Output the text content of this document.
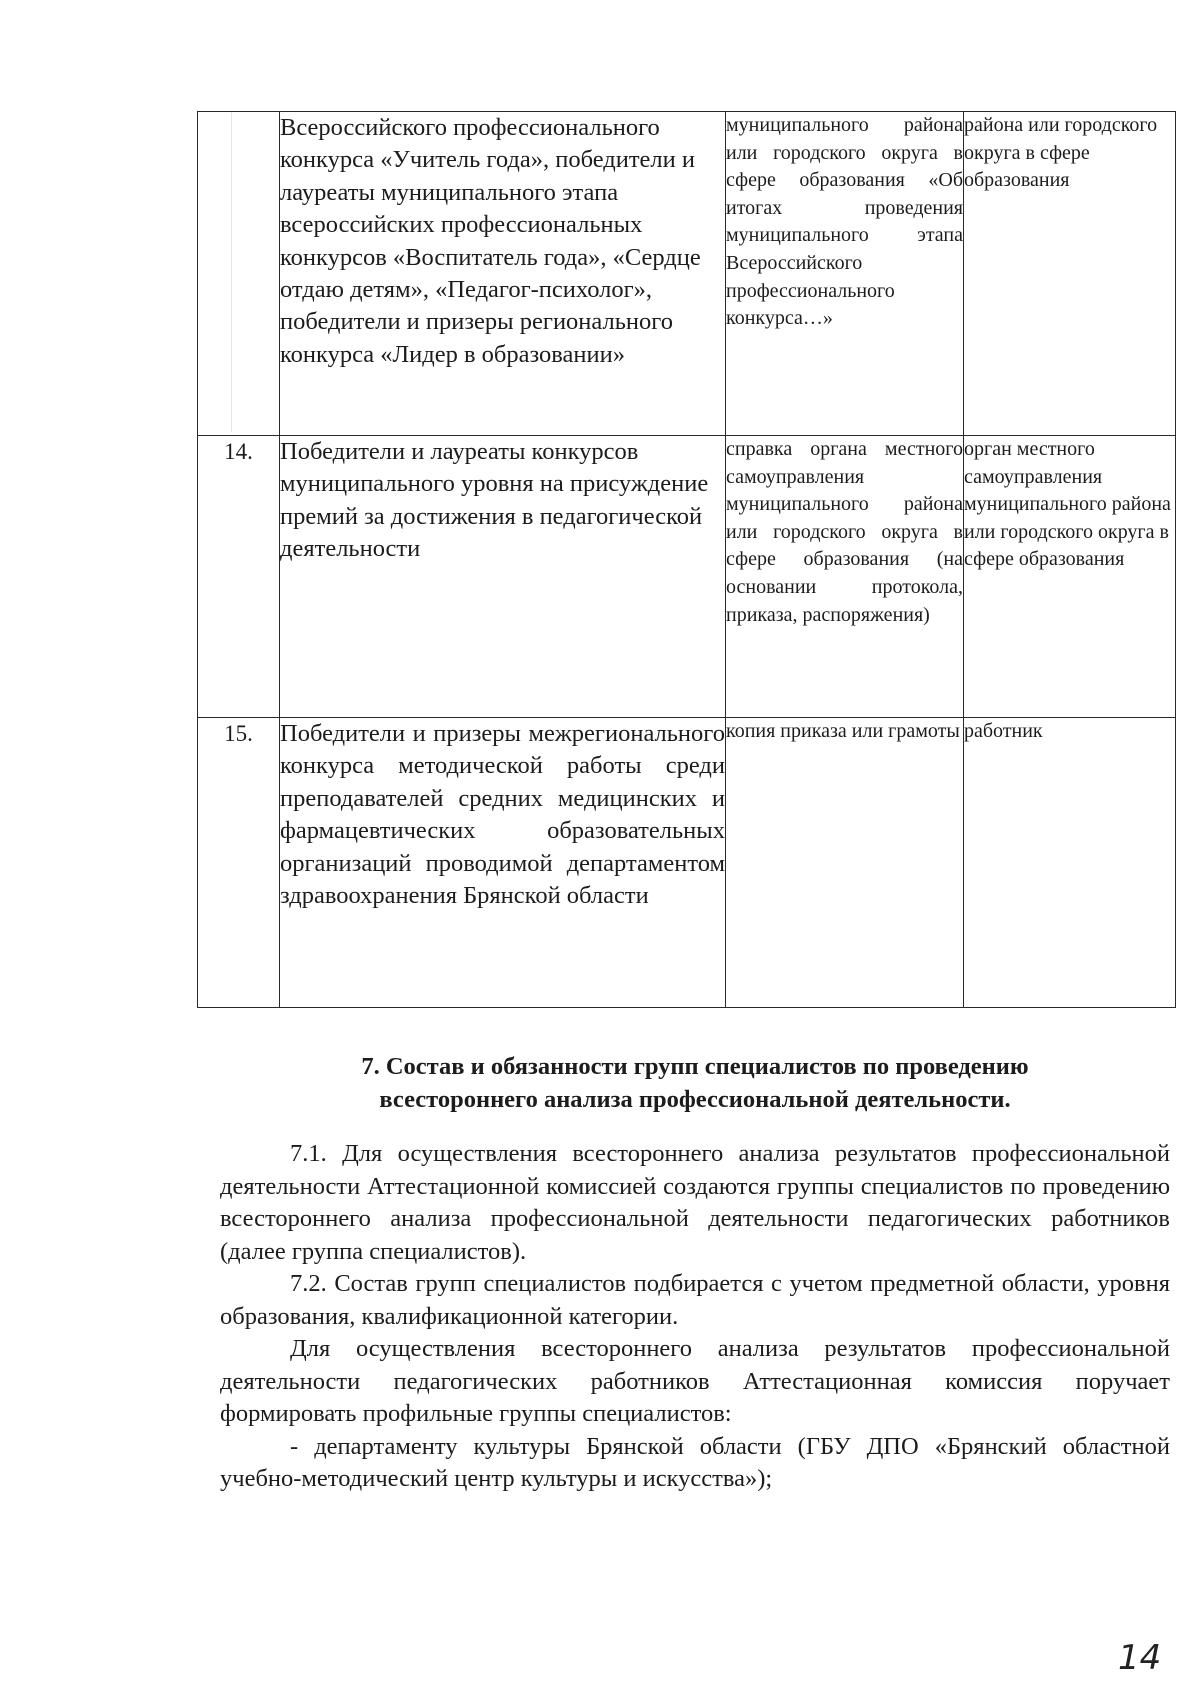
	Всероссийского профессионального конкурса «Учитель года», победители и лауреаты муниципального этапа всероссийских профессиональных конкурсов «Воспитатель года», «Сердце отдаю детям», «Педагог-психолог», победители и призеры регионального конкурса «Лидер в образовании»	муниципального района или городского округа в сфере образования «Об итогах проведения муниципального этапа Всероссийского профессионального конкурса…»	района или городского округа в сфере образования
14.	Победители и лауреаты конкурсов муниципального уровня на присуждение премий за достижения в педагогической деятельности	справка органа местного самоуправления муниципального района или городского округа в сфере образования (на основании протокола, приказа, распоряжения)	орган местного самоуправления муниципального района или городского округа в сфере образования
15.	Победители и призеры межрегионального конкурса методической работы среди преподавателей средних медицинских и фармацевтических образовательных организаций проводимой департаментом здравоохранения Брянской области	копия приказа или грамоты	работник
7. Состав и обязанности групп специалистов по проведению
всестороннего анализа профессиональной деятельности.

7.1. Для осуществления всестороннего анализа результатов профессиональной деятельности Аттестационной комиссией создаются группы специалистов по проведению всестороннего анализа профессиональной деятельности педагогических работников (далее группа специалистов).

7.2. Состав групп специалистов подбирается с учетом предметной области, уровня образования, квалификационной категории.

Для осуществления всестороннего анализа результатов профессиональной деятельности педагогических работников Аттестационная комиссия поручает формировать профильные группы специалистов:

- департаменту культуры Брянской области (ГБУ ДПО «Брянский областной учебно-методический центр культуры и искусства»);

14
